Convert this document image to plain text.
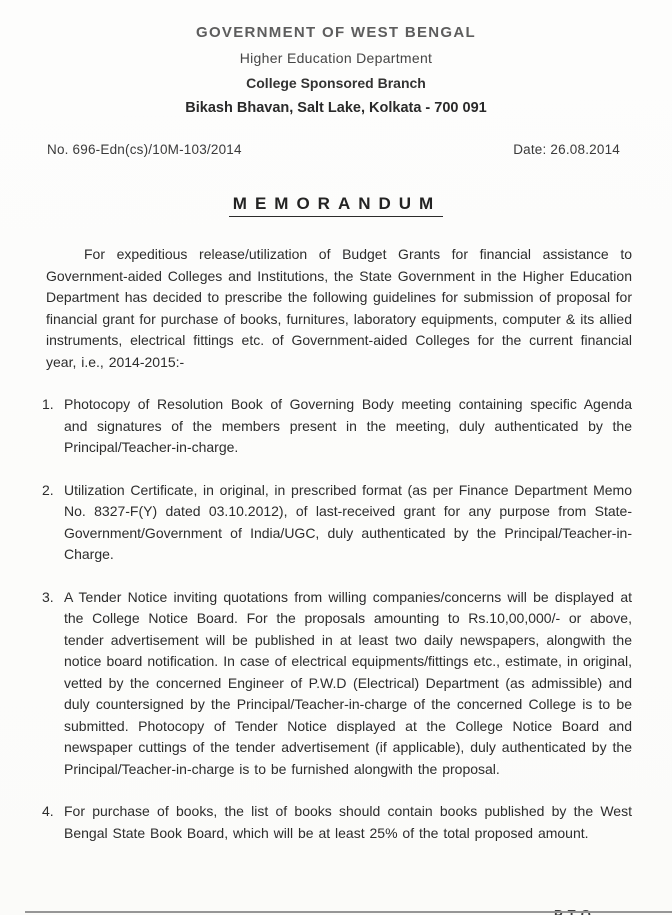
GOVERNMENT OF WEST BENGAL
Higher Education Department
College Sponsored Branch
Bikash Bhavan, Salt Lake, Kolkata - 700 091
No. 696-Edn(cs)/10M-103/2014	Date: 26.08.2014
MEMORANDUM

For expeditious release/utilization of Budget Grants for financial assistance to Government-aided Colleges and Institutions, the State Government in the Higher Education Department has decided to prescribe the following guidelines for submission of proposal for financial grant for purchase of books, furnitures, laboratory equipments, computer & its allied instruments, electrical fittings etc. of Government-aided Colleges for the current financial year, i.e., 2014-2015:-

1. Photocopy of Resolution Book of Governing Body meeting containing specific Agenda and signatures of the members present in the meeting, duly authenticated by the Principal/Teacher-in-charge.
2. Utilization Certificate, in original, in prescribed format (as per Finance Department Memo No. 8327-F(Y) dated 03.10.2012), of last-received grant for any purpose from State- Government/Government of India/UGC, duly authenticated by the Principal/Teacher-in-Charge.
3. A Tender Notice inviting quotations from willing companies/concerns will be displayed at the College Notice Board. For the proposals amounting to Rs.10,00,000/- or above, tender advertisement will be published in at least two daily newspapers, alongwith the notice board notification. In case of electrical equipments/fittings etc., estimate, in original, vetted by the concerned Engineer of P.W.D (Electrical) Department (as admissible) and duly countersigned by the Principal/Teacher-in-charge of the concerned College is to be submitted. Photocopy of Tender Notice displayed at the College Notice Board and newspaper cuttings of the tender advertisement (if applicable), duly authenticated by the Principal/Teacher-in-charge is to be furnished alongwith the proposal.
4. For purchase of books, the list of books should contain books published by the West Bengal State Book Board, which will be at least 25% of the total proposed amount.
